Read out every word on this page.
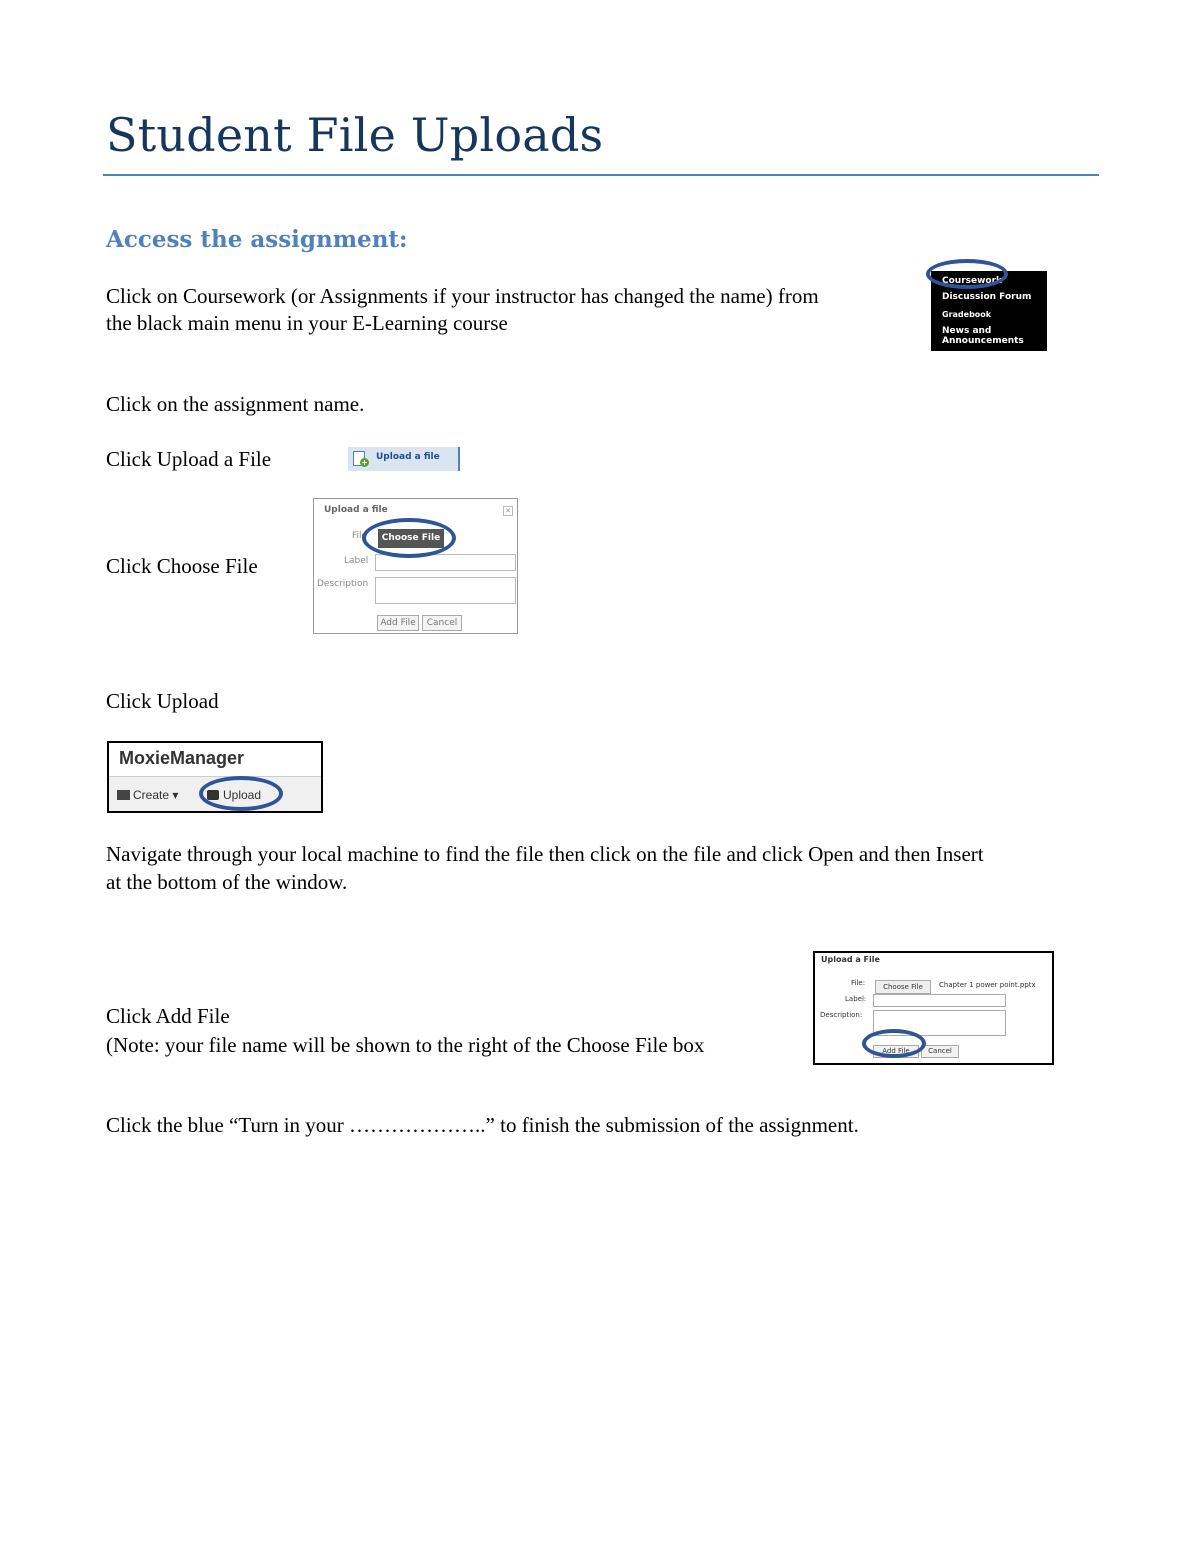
Student File Uploads
Access the assignment:
Click on Coursework (or Assignments if your instructor has changed the name) from
the black main menu in your E-Learning course
Coursework
Discussion Forum
Gradebook
News and
Announcements
Click on the assignment name.
Click Upload a File	+
Upload a file
Click Choose File
Upload a file	✕
File	Choose File
Label
Description
Add File	Cancel
Click Upload
MoxieManager
Create ▾	Upload
Navigate through your local machine to find the file then click on the file and click Open and then Insert
at the bottom of the window.
Click Add File
(Note: your file name will be shown to the right of the Choose File box
Upload a File
File:	Choose File	Chapter 1 power point.pptx
Label:
Description:
Add File	Cancel
Click the blue “Turn in your ………………..” to finish the submission of the assignment.
